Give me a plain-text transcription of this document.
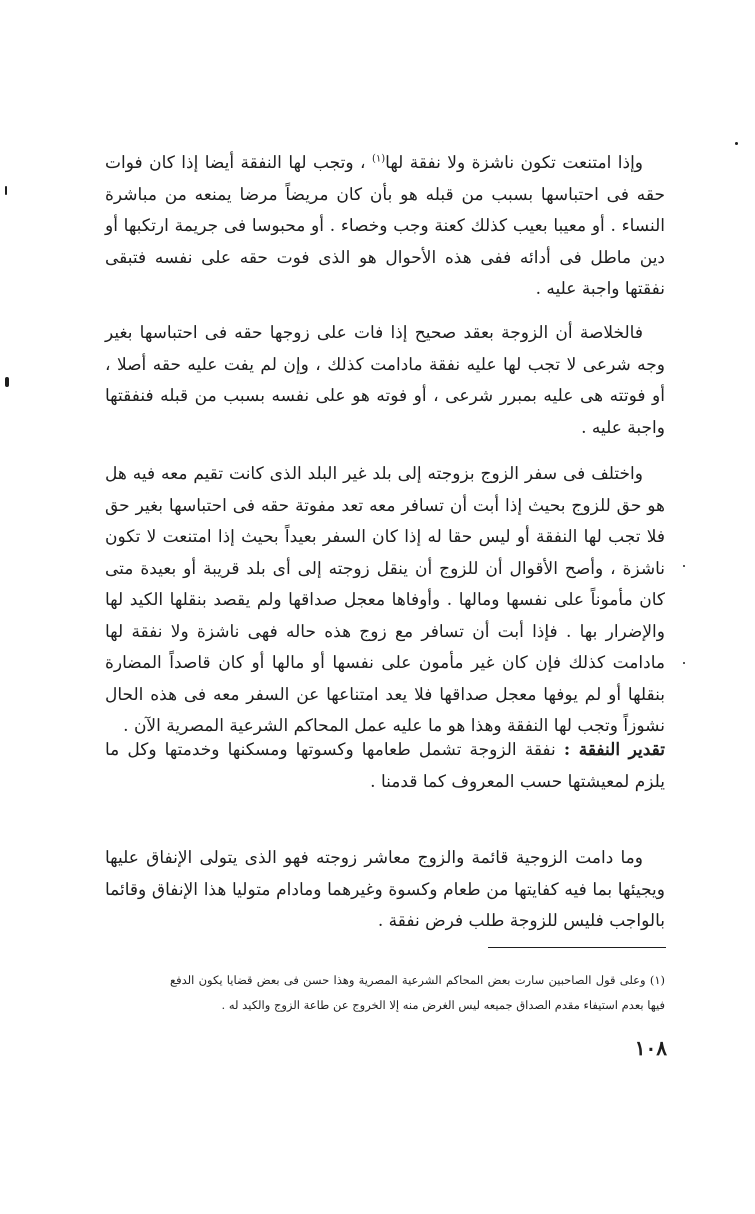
وإذا امتنعت تكون ناشزة ولا نفقة لها$^{(١)}$ ، وتجب لها النفقة أيضا إذا كان فوات حقه فى احتباسها بسبب من قبله هو بأن كان مريضاً مرضا يمنعه من مباشرة النساء . أو معيبا بعيب كذلك كعنة وجب وخصاء . أو محبوسا فى جريمة ارتكبها أو دين ماطل فى أدائه ففى هذه الأحوال هو الذى فوت حقه على نفسه فتبقى نفقتها واجبة عليه .

فالخلاصة أن الزوجة بعقد صحيح إذا فات على زوجها حقه فى احتباسها بغير وجه شرعى لا تجب لها عليه نفقة مادامت كذلك ، وإن لم يفت عليه حقه أصلا ، أو فوتته هى عليه بمبرر شرعى ، أو فوته هو على نفسه بسبب من قبله فنفقتها واجبة عليه .

واختلف فى سفر الزوج بزوجته إلى بلد غير البلد الذى كانت تقيم معه فيه هل هو حق للزوج بحيث إذا أبت أن تسافر معه تعد مفوتة حقه فى احتباسها بغير حق فلا تجب لها النفقة أو ليس حقا له إذا كان السفر بعيداً بحيث إذا امتنعت لا تكون ناشزة ، وأصح الأقوال أن للزوج أن ينقل زوجته إلى أى بلد قريبة أو بعيدة متى كان مأموناً على نفسها ومالها . وأوفاها معجل صداقها ولم يقصد بنقلها الكيد لها والإضرار بها . فإذا أبت أن تسافر مع زوج هذه حاله فهى ناشزة ولا نفقة لها مادامت كذلك فإن كان غير مأمون على نفسها أو مالها أو كان قاصداً المضارة بنقلها أو لم يوفها معجل صداقها فلا يعد امتناعها عن السفر معه فى هذه الحال نشوزاً وتجب لها النفقة وهذا هو ما عليه عمل المحاكم الشرعية المصرية الآن .

تقدير النفقة : نفقة الزوجة تشمل طعامها وكسوتها ومسكنها وخدمتها وكل ما يلزم لمعيشتها حسب المعروف كما قدمنا .

وما دامت الزوجية قائمة والزوج معاشر زوجته فهو الذى يتولى الإنفاق عليها ويجيئها بما فيه كفايتها من طعام وكسوة وغيرهما ومادام متوليا هذا الإنفاق وقائما بالواجب فليس للزوجة طلب فرض نفقة .

(١) وعلى قول الصاحبين سارت بعض المحاكم الشرعية المصرية وهذا حسن فى بعض قضايا يكون الدفع فيها بعدم استيفاء مقدم الصداق جميعه ليس الغرض منه إلا الخروج عن طاعة الزوج والكيد له .

١٠٨
